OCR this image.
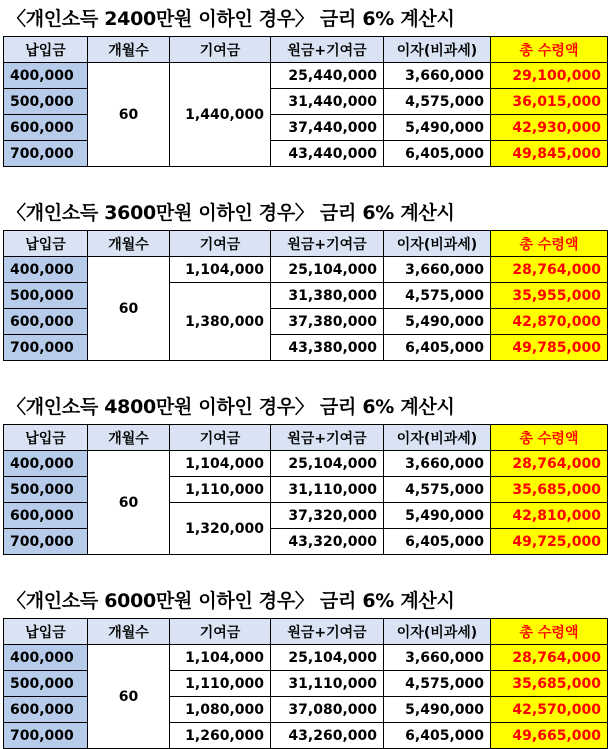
〈개인소득 2400만원 이하인 경우〉 금리 6% 계산시
납입금	개월수	기여금	원금+기여금	이자(비과세)	총 수령액
400,000	60	1,440,000	25,440,000	3,660,000	29,100,000
500,000			31,440,000	4,575,000	36,015,000
600,000			37,440,000	5,490,000	42,930,000
700,000			43,440,000	6,405,000	49,845,000
〈개인소득 3600만원 이하인 경우〉 금리 6% 계산시
납입금	개월수	기여금	원금+기여금	이자(비과세)	총 수령액
400,000	60	1,104,000	25,104,000	3,660,000	28,764,000
500,000		1,380,000	31,380,000	4,575,000	35,955,000
600,000			37,380,000	5,490,000	42,870,000
700,000			43,380,000	6,405,000	49,785,000
〈개인소득 4800만원 이하인 경우〉 금리 6% 계산시
납입금	개월수	기여금	원금+기여금	이자(비과세)	총 수령액
400,000	60	1,104,000	25,104,000	3,660,000	28,764,000
500,000		1,110,000	31,110,000	4,575,000	35,685,000
600,000		1,320,000	37,320,000	5,490,000	42,810,000
700,000			43,320,000	6,405,000	49,725,000
〈개인소득 6000만원 이하인 경우〉 금리 6% 계산시
납입금	개월수	기여금	원금+기여금	이자(비과세)	총 수령액
400,000	60	1,104,000	25,104,000	3,660,000	28,764,000
500,000		1,110,000	31,110,000	4,575,000	35,685,000
600,000		1,080,000	37,080,000	5,490,000	42,570,000
700,000		1,260,000	43,260,000	6,405,000	49,665,000
